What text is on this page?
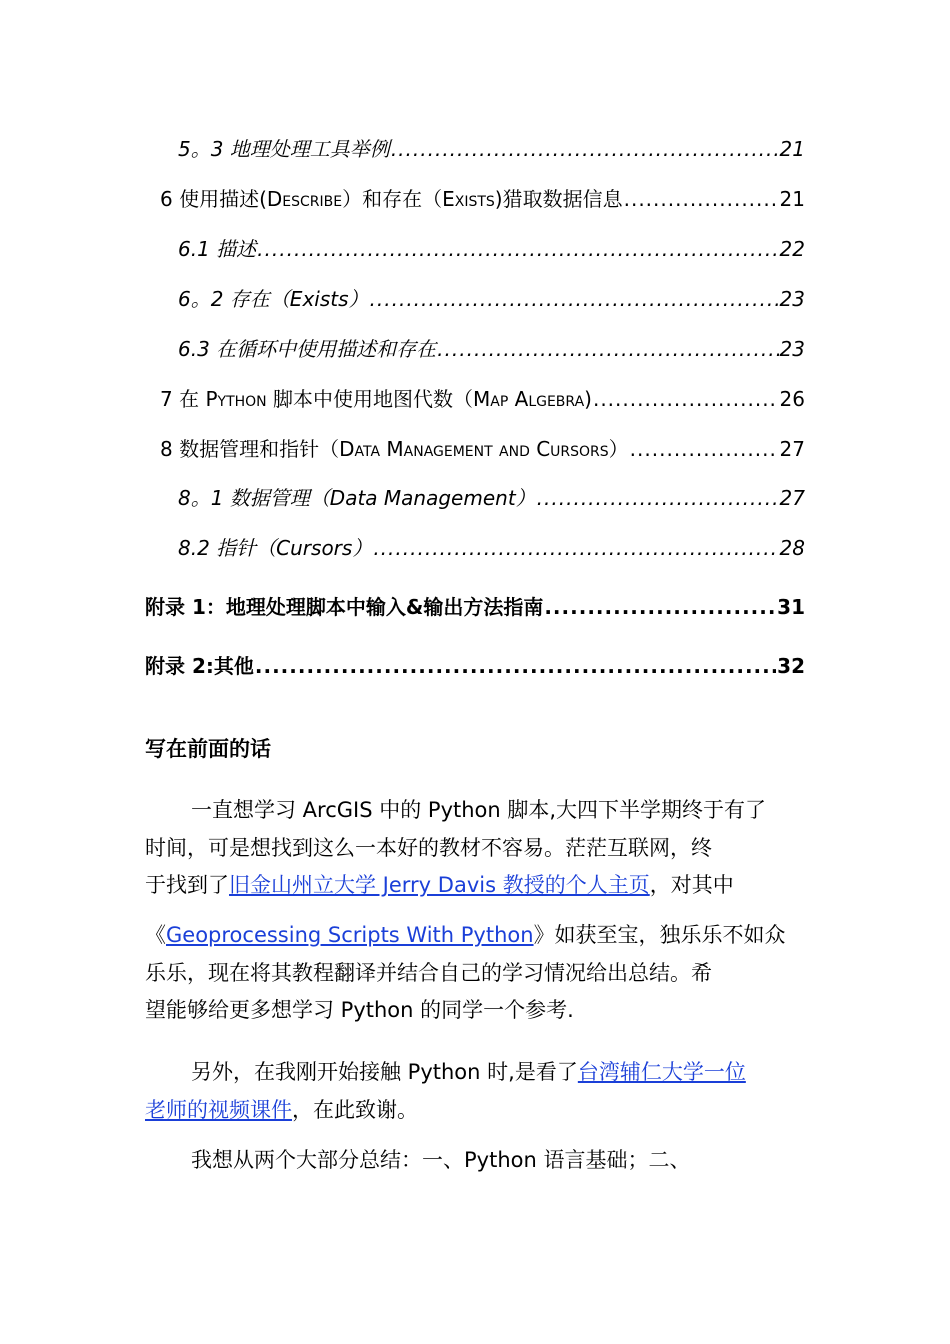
5。3 地理处理工具举例 .....	21
6 使用描述(Describe）和存在（Exists)猎取数据信息 .....	21
6.1 描述 .....	22
6。2 存在（Exists） .....	23
6.3 在循环中使用描述和存在 .....	23
7 在 Python 脚本中使用地图代数（Map Algebra) .....	26
8 数据管理和指针（Data Management and Cursors） .....	27
8。1 数据管理（Data Management） .....	27
8.2 指针（Cursors） .....	28
附录 1：地理处理脚本中输入&输出方法指南 .....	31
附录 2:其他 .....	32
写在前面的话
一直想学习 ArcGIS 中的 Python 脚本,大四下半学期终于有了
时间，可是想找到这么一本好的教材不容易。茫茫互联网，终
于找到了旧金山州立大学 Jerry Davis 教授的个人主页，对其中
《Geoprocessing Scripts With Python》如获至宝，独乐乐不如众
乐乐，现在将其教程翻译并结合自己的学习情况给出总结。希
望能够给更多想学习 Python 的同学一个参考.
另外，在我刚开始接触 Python 时,是看了台湾辅仁大学一位
老师的视频课件，在此致谢。
我想从两个大部分总结：一、Python 语言基础；二、
